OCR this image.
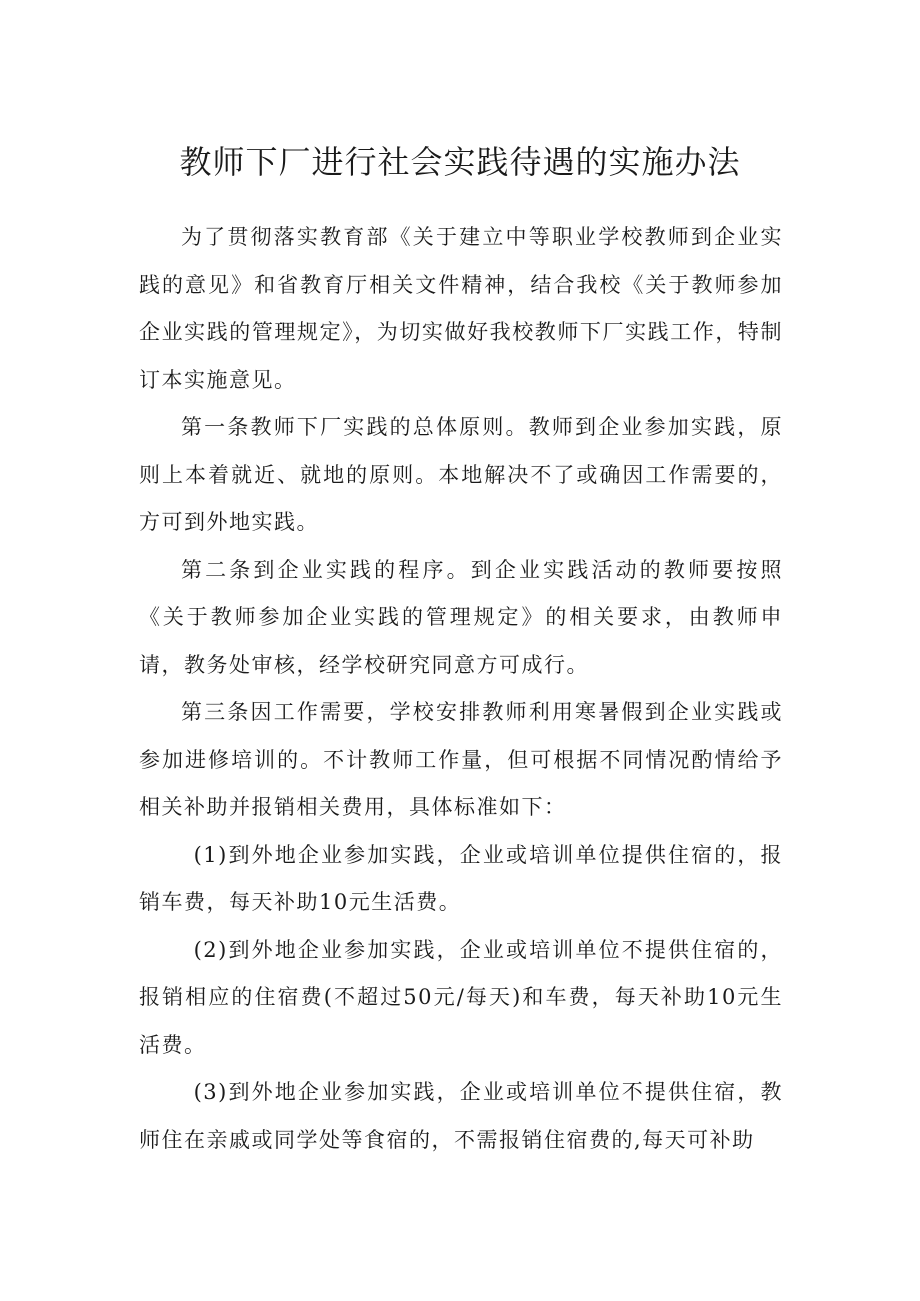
教师下厂进行社会实践待遇的实施办法

为了贯彻落实教育部《关于建立中等职业学校教师到企业实践的意见》和省教育厅相关文件精神，结合我校《关于教师参加企业实践的管理规定》，为切实做好我校教师下厂实践工作，特制订本实施意见。

第一条教师下厂实践的总体原则。教师到企业参加实践，原则上本着就近、就地的原则。本地解决不了或确因工作需要的，方可到外地实践。

第二条到企业实践的程序。到企业实践活动的教师要按照《关于教师参加企业实践的管理规定》的相关要求，由教师申请，教务处审核，经学校研究同意方可成行。

第三条因工作需要，学校安排教师利用寒暑假到企业实践或参加进修培训的。不计教师工作量，但可根据不同情况酌情给予相关补助并报销相关费用，具体标准如下：

(1)到外地企业参加实践，企业或培训单位提供住宿的，报销车费，每天补助10元生活费。

(2)到外地企业参加实践，企业或培训单位不提供住宿的，报销相应的住宿费(不超过50元/每天)和车费，每天补助10元生活费。

(3)到外地企业参加实践，企业或培训单位不提供住宿，教师住在亲戚或同学处等食宿的，不需报销住宿费的,每天可补助
